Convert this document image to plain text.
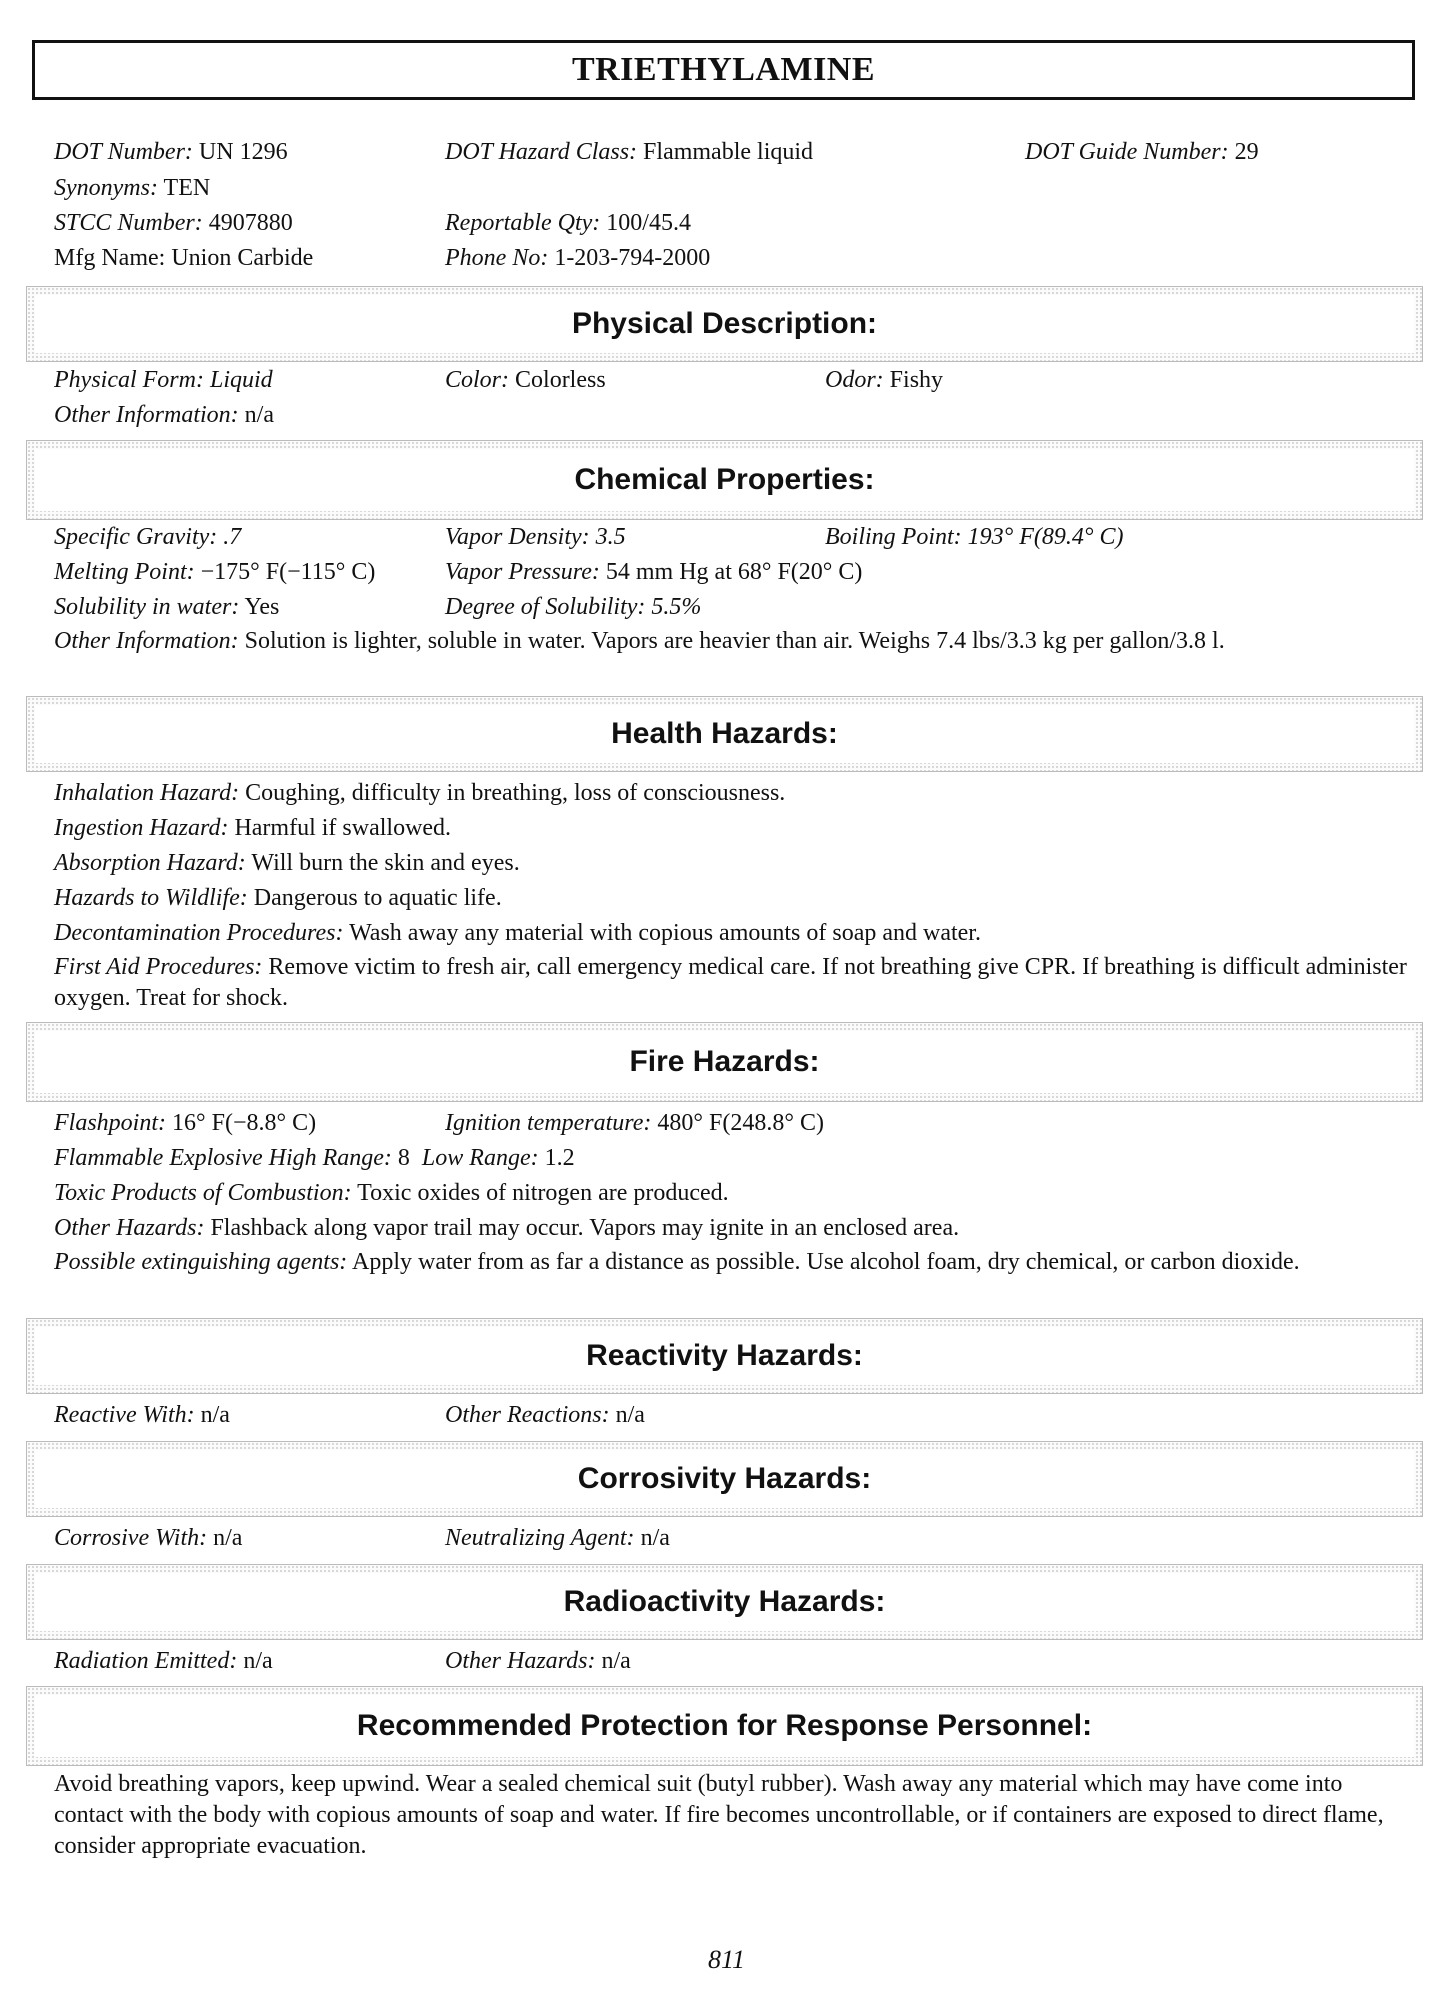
TRIETHYLAMINE
DOT Number: UN 1296	DOT Hazard Class: Flammable liquid	DOT Guide Number: 29
Synonyms: TEN
STCC Number: 4907880	Reportable Qty: 100/45.4
Mfg Name: Union Carbide	Phone No: 1-203-794-2000
Physical Description:
Physical Form: Liquid	Color: Colorless	Odor: Fishy
Other Information: n/a
Chemical Properties:
Specific Gravity: .7	Vapor Density: 3.5	Boiling Point: 193° F(89.4° C)
Melting Point: −175° F(−115° C)	Vapor Pressure: 54 mm Hg at 68° F(20° C)
Solubility in water: Yes	Degree of Solubility: 5.5%
Other Information: Solution is lighter, soluble in water. Vapors are heavier than air. Weighs 7.4 lbs/3.3 kg per gallon/3.8 l.
Health Hazards:
Inhalation Hazard: Coughing, difficulty in breathing, loss of consciousness.
Ingestion Hazard: Harmful if swallowed.
Absorption Hazard: Will burn the skin and eyes.
Hazards to Wildlife: Dangerous to aquatic life.
Decontamination Procedures: Wash away any material with copious amounts of soap and water.
First Aid Procedures: Remove victim to fresh air, call emergency medical care. If not breathing give CPR. If breathing is difficult administer oxygen. Treat for shock.
Fire Hazards:
Flashpoint: 16° F(−8.8° C)	Ignition temperature: 480° F(248.8° C)
Flammable Explosive High Range: 8 Low Range: 1.2
Toxic Products of Combustion: Toxic oxides of nitrogen are produced.
Other Hazards: Flashback along vapor trail may occur. Vapors may ignite in an enclosed area.
Possible extinguishing agents: Apply water from as far a distance as possible. Use alcohol foam, dry chemical, or carbon dioxide.
Reactivity Hazards:
Reactive With: n/a	Other Reactions: n/a
Corrosivity Hazards:
Corrosive With: n/a	Neutralizing Agent: n/a
Radioactivity Hazards:
Radiation Emitted: n/a	Other Hazards: n/a
Recommended Protection for Response Personnel:
Avoid breathing vapors, keep upwind. Wear a sealed chemical suit (butyl rubber). Wash away any material which may have come into contact with the body with copious amounts of soap and water. If fire becomes uncontrollable, or if containers are exposed to direct flame, consider appropriate evacuation.
811
